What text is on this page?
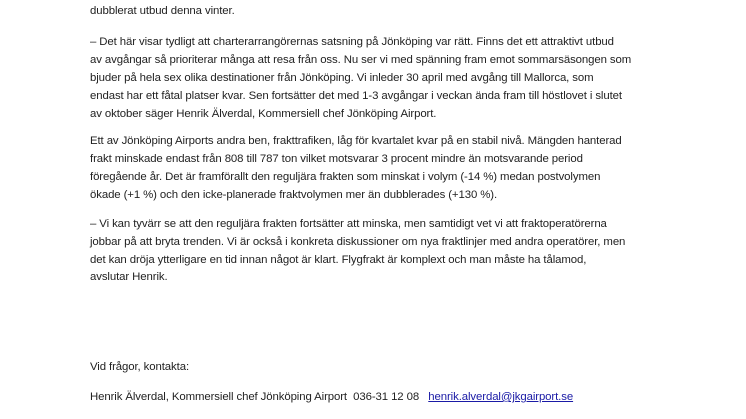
dubblerat utbud denna vinter.
– Det här visar tydligt att charterarrangörernas satsning på Jönköping var rätt. Finns det ett attraktivt utbud
av avgångar så prioriterar många att resa från oss. Nu ser vi med spänning fram emot sommarsäsongen som
bjuder på hela sex olika destinationer från Jönköping. Vi inleder 30 april med avgång till Mallorca, som
endast har ett fåtal platser kvar. Sen fortsätter det med 1-3 avgångar i veckan ända fram till höstlovet i slutet
av oktober säger Henrik Älverdal, Kommersiell chef Jönköping Airport.
Ett av Jönköping Airports andra ben, frakttrafiken, låg för kvartalet kvar på en stabil nivå. Mängden hanterad
frakt minskade endast från 808 till 787 ton vilket motsvarar 3 procent mindre än motsvarande period
föregående år. Det är framförallt den reguljära frakten som minskat i volym (-14 %) medan postvolymen
ökade (+1 %) och den icke-planerade fraktvolymen mer än dubblerades (+130 %).
– Vi kan tyvärr se att den reguljära frakten fortsätter att minska, men samtidigt vet vi att fraktoperatörerna
jobbar på att bryta trenden. Vi är också i konkreta diskussioner om nya fraktlinjer med andra operatörer, men
det kan dröja ytterligare en tid innan något är klart. Flygfrakt är komplext och man måste ha tålamod,
avslutar Henrik.
Vid frågor, kontakta:
Henrik Älverdal, Kommersiell chef Jönköping Airport 036-31 12 08 henrik.alverdal@jkgairport.se
